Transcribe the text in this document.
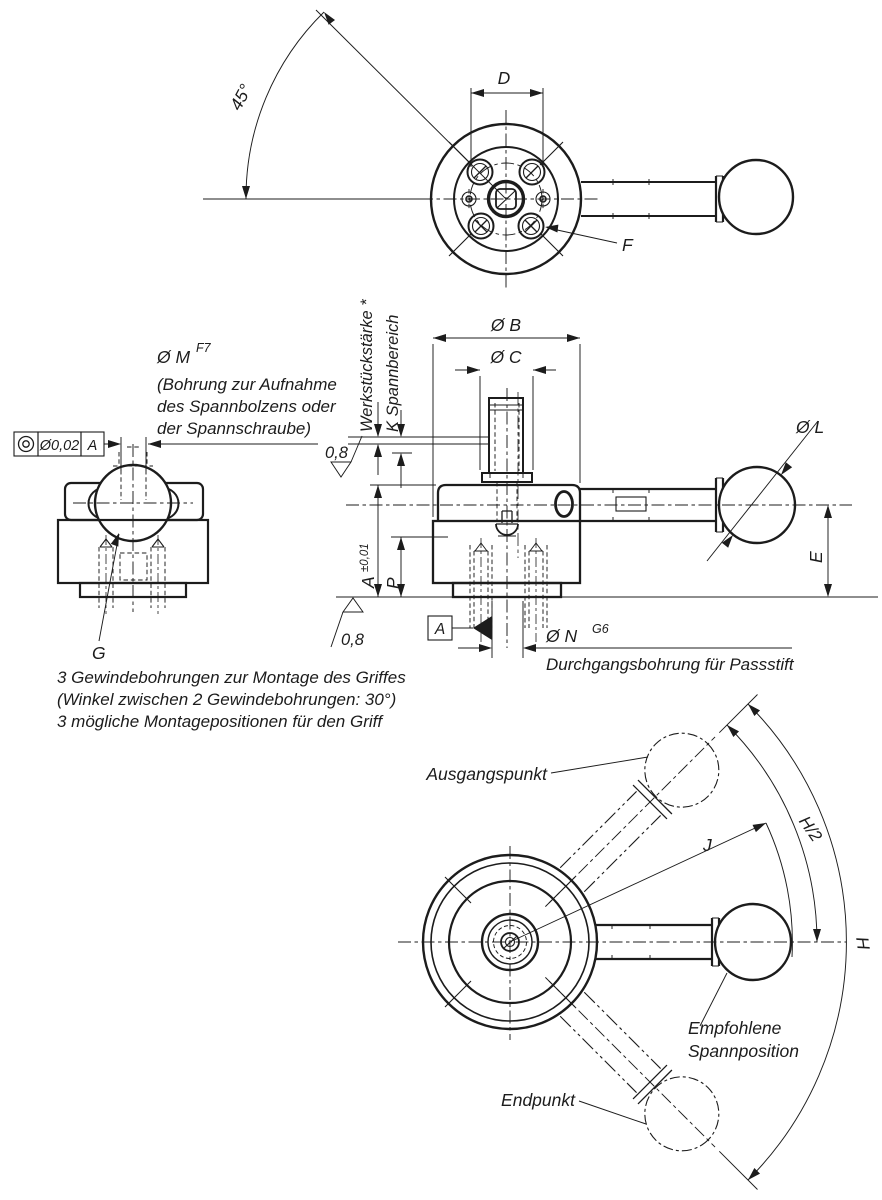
D
45°
F
Ø0,02 A
Ø M F7
(Bohrung zur Aufnahme
des Spannbolzens oder
der Spannschraube)
G
3 Gewindebohrungen zur Montage des Griffes
(Winkel zwischen 2 Gewindebohrungen: 30°)
3 mögliche Montagepositionen für den Griff
Ø B
Ø C
Werkstückstärke * K Spannbereich
A
±0,01
P
0,8
0,8
A	Ø N G6
Durchgangsbohrung für Passstift
E
Ø L
H/2
H
J
Ausgangspunkt
Empfohlene
Spannposition
Endpunkt
